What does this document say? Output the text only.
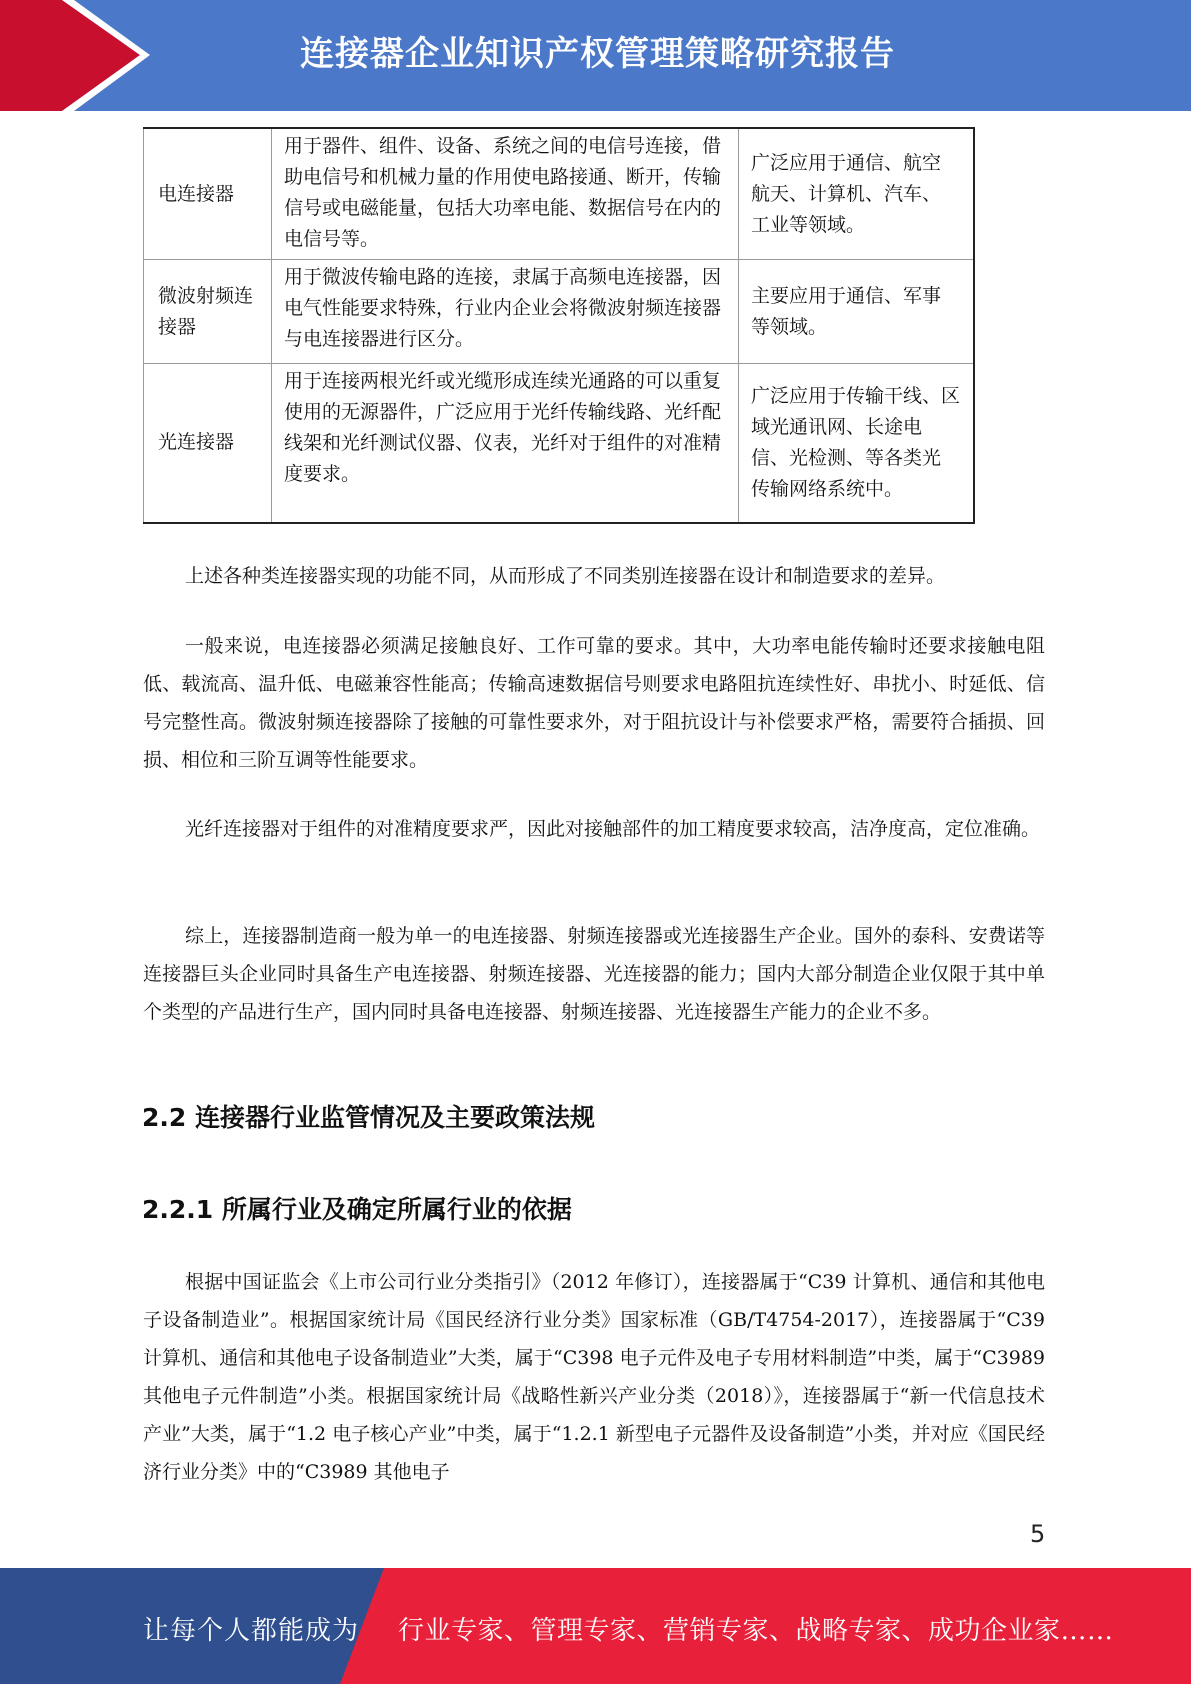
连接器企业知识产权管理策略研究报告
电连接器	用于器件、组件、设备、系统之间的电信号连接，借助电信号和机械力量的作用使电路接通、断开，传输信号或电磁能量，包括大功率电能、数据信号在内的电信号等。	广泛应用于通信、航空 航天、计算机、汽车、 工业等领域。
微波射频连接器	用于微波传输电路的连接，隶属于高频电连接器，因电气性能要求特殊，行业内企业会将微波射频连接器与电连接器进行区分。	主要应用于通信、军事 等领域。
光连接器	用于连接两根光纤或光缆形成连续光通路的可以重复使用的无源器件，广泛应用于光纤传输线路、光纤配线架和光纤测试仪器、仪表，光纤对于组件的对准精度要求。	广泛应用于传输干线、区域光通讯网、长途电 信、光检测、等各类光 传输网络系统中。

上述各种类连接器实现的功能不同，从而形成了不同类别连接器在设计和制造要求的差异。

一般来说，电连接器必须满足接触良好、工作可靠的要求。其中，大功率电能传输时还要求接触电阻低、载流高、温升低、电磁兼容性能高；传输高速数据信号则要求电路阻抗连续性好、串扰小、时延低、信号完整性高。微波射频连接器除了接触的可靠性要求外，对于阻抗设计与补偿要求严格，需要符合插损、回损、相位和三阶互调等性能要求。

光纤连接器对于组件的对准精度要求严，因此对接触部件的加工精度要求较高，洁净度高，定位准确。

综上，连接器制造商一般为单一的电连接器、射频连接器或光连接器生产企业。国外的泰科、安费诺等连接器巨头企业同时具备生产电连接器、射频连接器、光连接器的能力；国内大部分制造企业仅限于其中单个类型的产品进行生产，国内同时具备电连接器、射频连接器、光连接器生产能力的企业不多。

2.2 连接器行业监管情况及主要政策法规
2.2.1 所属行业及确定所属行业的依据

根据中国证监会《上市公司行业分类指引》（2012 年修订），连接器属于“C39 计算机、通信和其他电子设备制造业”。根据国家统计局《国民经济行业分类》国家标准（GB/T4754-2017），连接器属于“C39 计算机、通信和其他电子设备制造业”大类，属于“C398 电子元件及电子专用材料制造”中类，属于“C3989 其他电子元件制造”小类。根据国家统计局《战略性新兴产业分类（2018）》，连接器属于“新一代信息技术产业”大类，属于“1.2 电子核心产业”中类，属于“1.2.1 新型电子元器件及设备制造”小类，并对应《国民经济行业分类》中的“C3989 其他电子

5
让每个人都能成为 行业专家、管理专家、营销专家、战略专家、成功企业家……
